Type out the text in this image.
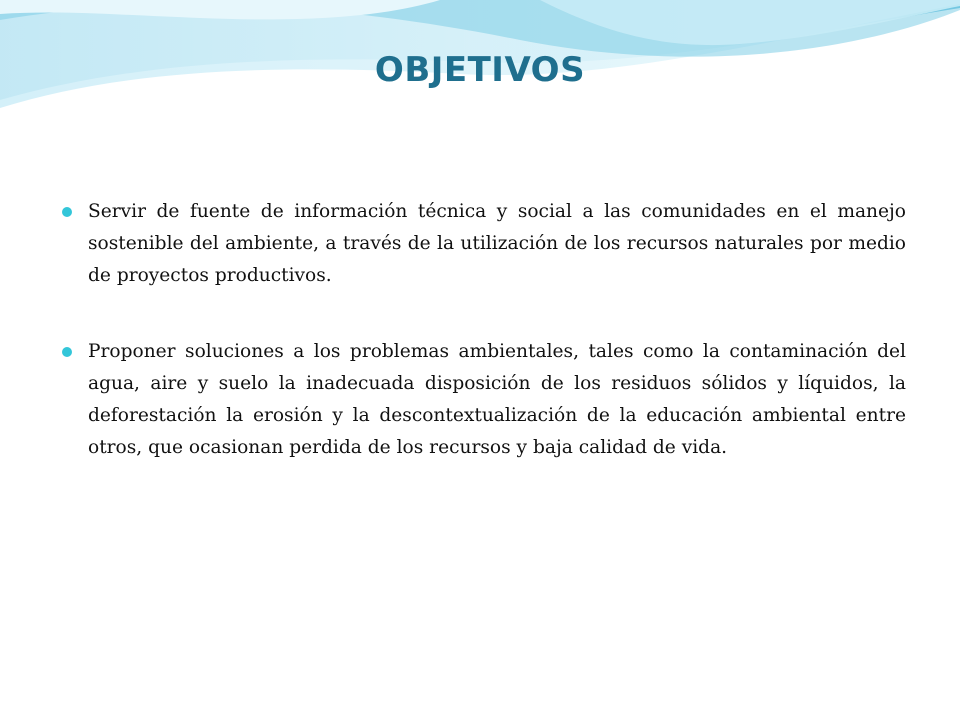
OBJETIVOS
Servir de fuente de información técnica y social a las comunidades en el manejo sostenible del ambiente, a través de la utilización de los recursos naturales por medio de proyectos productivos.
Proponer soluciones a los problemas ambientales, tales como la contaminación del agua, aire y suelo la inadecuada disposición de los residuos sólidos y líquidos, la deforestación la erosión y la descontextualización de la educación ambiental entre otros, que ocasionan perdida de los recursos y baja calidad de vida.
